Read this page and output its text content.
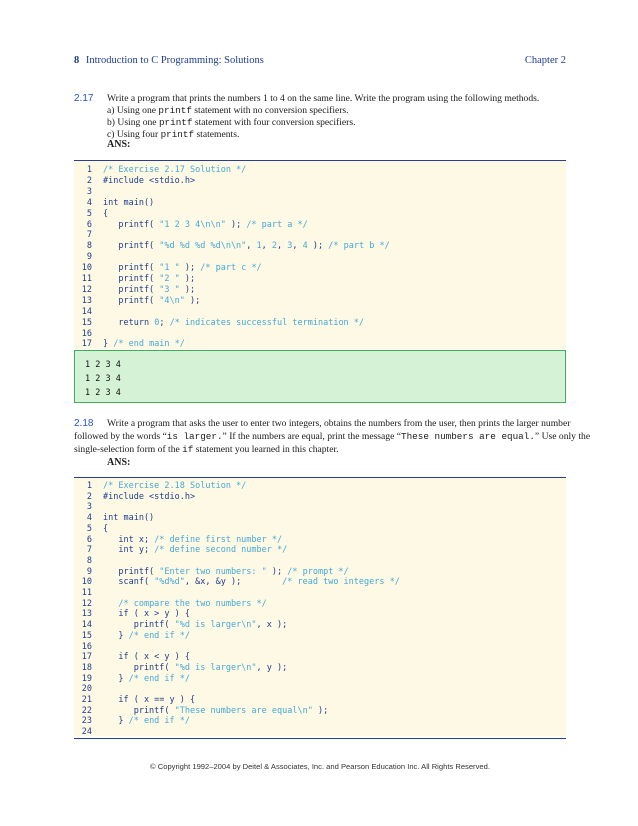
8 Introduction to C Programming: Solutions	Chapter 2
2.17 Write a program that prints the numbers 1 to 4 on the same line. Write the program using the following methods.
a) Using one printf statement with no conversion specifiers.
b) Using one printf statement with four conversion specifiers.
c) Using four printf statements.
ANS:
1 /* Exercise 2.17 Solution */
2 #include <stdio.h>
3
4 int main()
5 {
6 printf( "1 2 3 4\n\n" ); /* part a */
7
8 printf( "%d %d %d %d\n\n", 1, 2, 3, 4 ); /* part b */
9
10 printf( "1 " ); /* part c */
11 printf( "2 " );
12 printf( "3 " );
13 printf( "4\n" );
14
15 return 0; /* indicates successful termination */
16
17 } /* end main */
1 2 3 4
1 2 3 4
1 2 3 4
2.18 Write a program that asks the user to enter two integers, obtains the numbers from the user, then prints the larger number
followed by the words “is larger.” If the numbers are equal, print the message “These numbers are equal.” Use only the
single-selection form of the if statement you learned in this chapter.
ANS:
1 /* Exercise 2.18 Solution */
2 #include <stdio.h>
3
4 int main()
5 {
6 int x; /* define first number */
7 int y; /* define second number */
8
9 printf( "Enter two numbers: " ); /* prompt */
10 scanf( "%d%d", &x, &y );        /* read two integers */
11
12	/* compare the two numbers */
13 if ( x > y ) {
14 printf( "%d is larger\n", x );
15 } /* end if */
16
17 if ( x < y ) {
18 printf( "%d is larger\n", y );
19 } /* end if */
20
21 if ( x == y ) {
22 printf( "These numbers are equal\n" );
23 } /* end if */
24
© Copyright 1992–2004 by Deitel & Associates, Inc. and Pearson Education Inc. All Rights Reserved.
